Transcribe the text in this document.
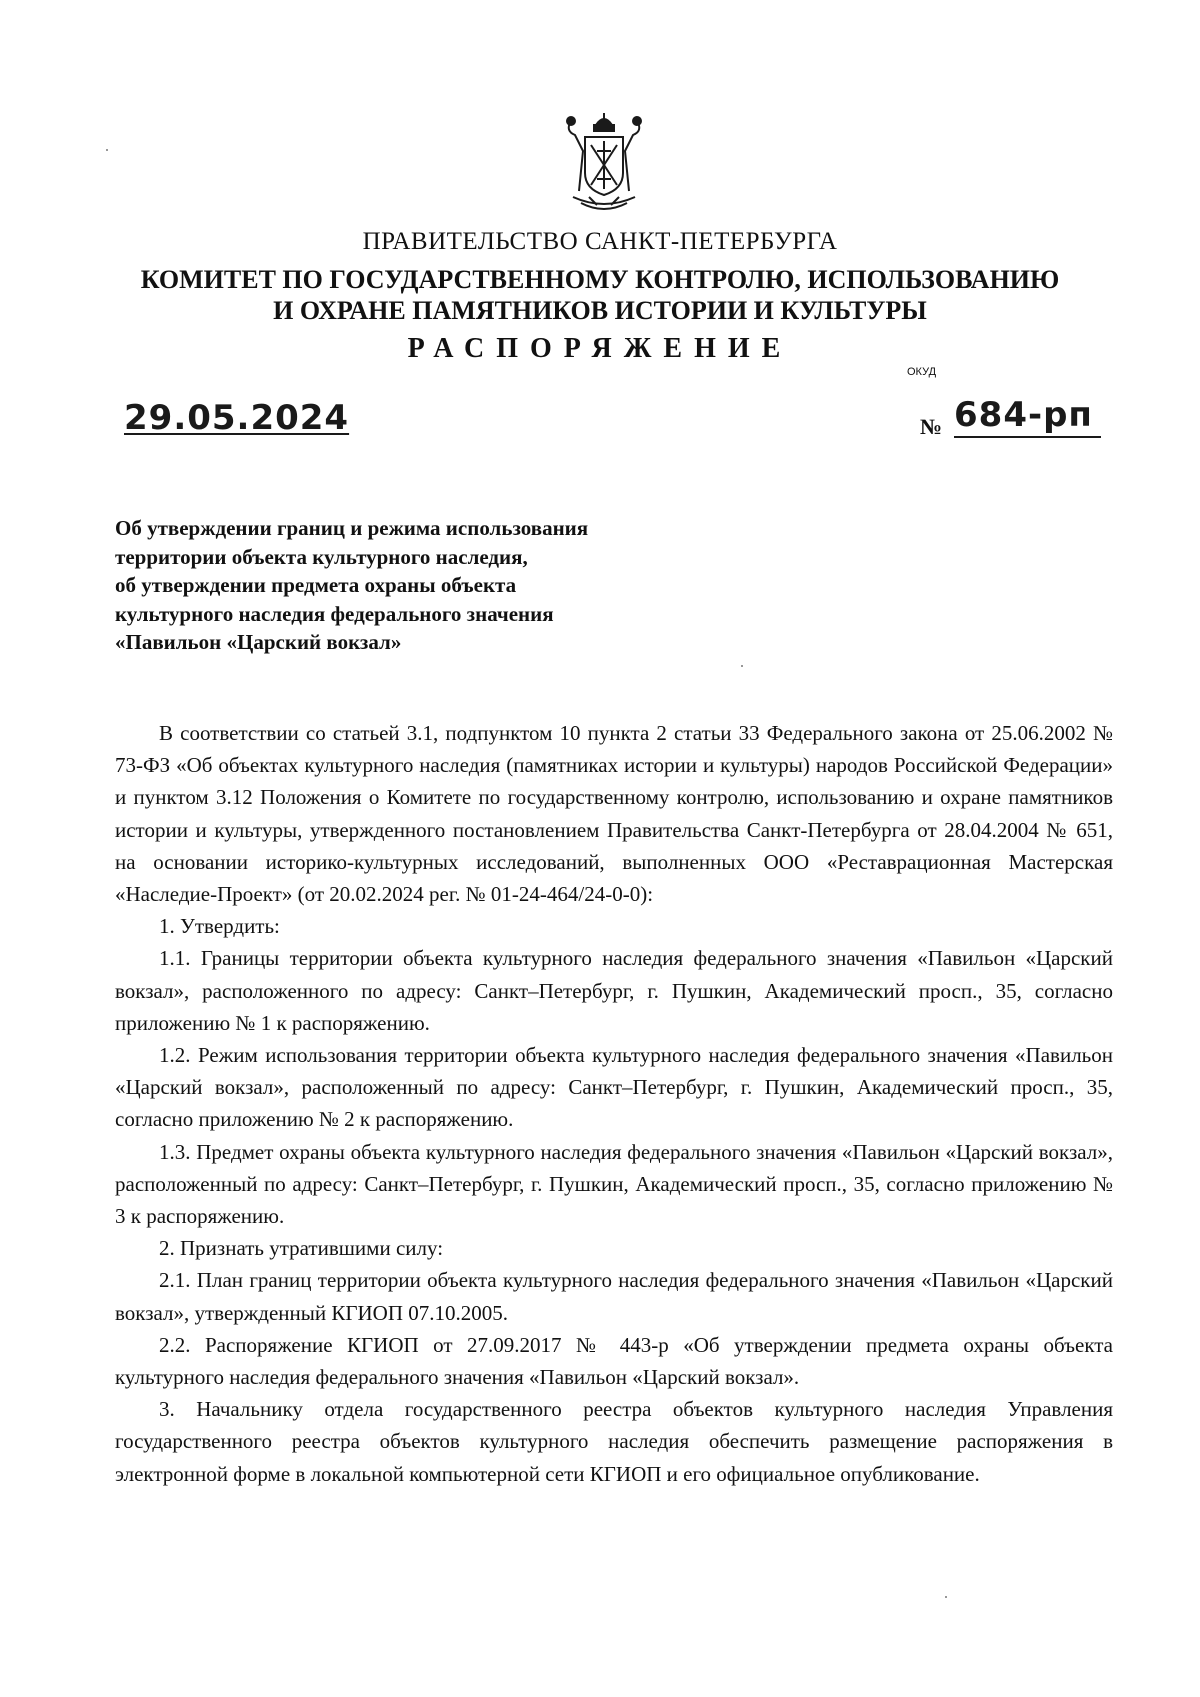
ПРАВИТЕЛЬСТВО САНКТ-ПЕТЕРБУРГА
КОМИТЕТ ПО ГОСУДАРСТВЕННОМУ КОНТРОЛЮ, ИСПОЛЬЗОВАНИЮ
И ОХРАНЕ ПАМЯТНИКОВ ИСТОРИИ И КУЛЬТУРЫ
РАСПОРЯЖЕНИЕ
ОКУД
29.05.2024	№ 684-рп
Об утверждении границ и режима использования
территории объекта культурного наследия,
об утверждении предмета охраны объекта
культурного наследия федерального значения
«Павильон «Царский вокзал»

В соответствии со статьей 3.1, подпунктом 10 пункта 2 статьи 33 Федерального закона от 25.06.2002 № 73-ФЗ «Об объектах культурного наследия (памятниках истории и культуры) народов Российской Федерации» и пунктом 3.12 Положения о Комитете по государственному контролю, использованию и охране памятников истории и культуры, утвержденного постановлением Правительства Санкт-Петербурга от 28.04.2004 № 651, на основании историко-культурных исследований, выполненных ООО «Реставрационная Мастерская «Наследие-Проект» (от 20.02.2024 рег. № 01-24-464/24-0-0):

1. Утвердить:

1.1. Границы территории объекта культурного наследия федерального значения «Павильон «Царский вокзал», расположенного по адресу: Санкт–Петербург, г. Пушкин, Академический просп., 35, согласно приложению № 1 к распоряжению.

1.2. Режим использования территории объекта культурного наследия федерального значения «Павильон «Царский вокзал», расположенный по адресу: Санкт–Петербург, г. Пушкин, Академический просп., 35, согласно приложению № 2 к распоряжению.

1.3. Предмет охраны объекта культурного наследия федерального значения «Павильон «Царский вокзал», расположенный по адресу: Санкт–Петербург, г. Пушкин, Академический просп., 35, согласно приложению № 3 к распоряжению.

2. Признать утратившими силу:

2.1. План границ территории объекта культурного наследия федерального значения «Павильон «Царский вокзал», утвержденный КГИОП 07.10.2005.

2.2. Распоряжение КГИОП от 27.09.2017 № 443-р «Об утверждении предмета охраны объекта культурного наследия федерального значения «Павильон «Царский вокзал».

3. Начальнику отдела государственного реестра объектов культурного наследия Управления государственного реестра объектов культурного наследия обеспечить размещение распоряжения в электронной форме в локальной компьютерной сети КГИОП и его официальное опубликование.
